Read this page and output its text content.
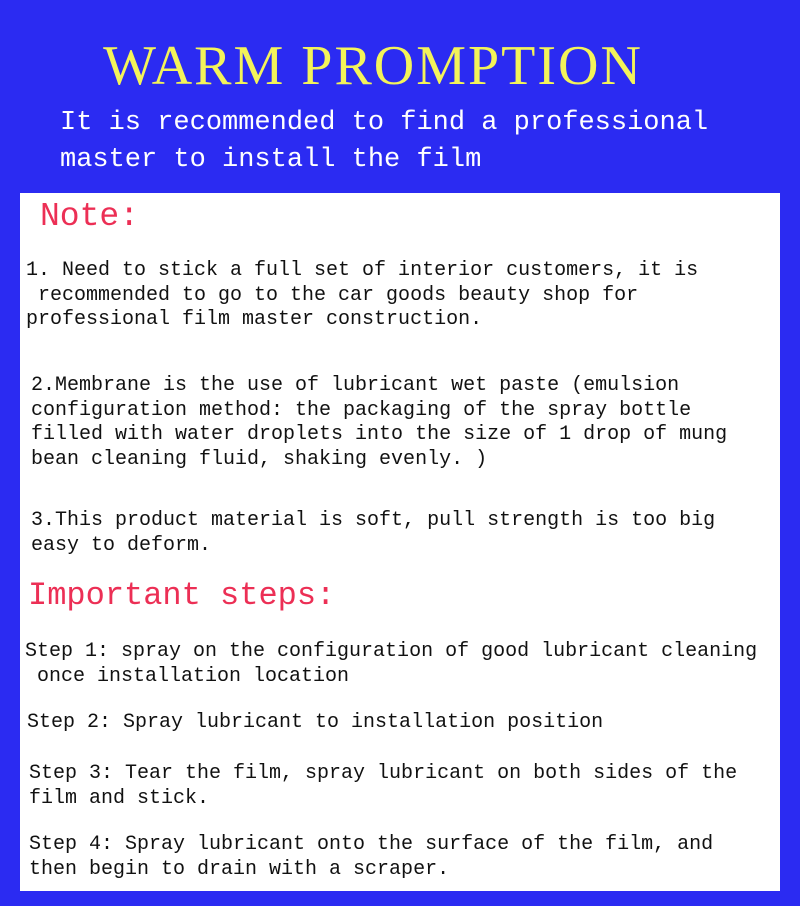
WARM PROMPTION
It is recommended to find a professional
master to install the film
Note:
1. Need to stick a full set of interior customers, it is
recommended to go to the car goods beauty shop for
professional film master construction.
2.Membrane is the use of lubricant wet paste (emulsion
configuration method: the packaging of the spray bottle
filled with water droplets into the size of 1 drop of mung
bean cleaning fluid, shaking evenly. )
3.This product material is soft, pull strength is too big
easy to deform.
Important steps:
Step 1: spray on the configuration of good lubricant cleaning
once installation location
Step 2: Spray lubricant to installation position
Step 3: Tear the film, spray lubricant on both sides of the
film and stick.
Step 4: Spray lubricant onto the surface of the film, and
then begin to drain with a scraper.
